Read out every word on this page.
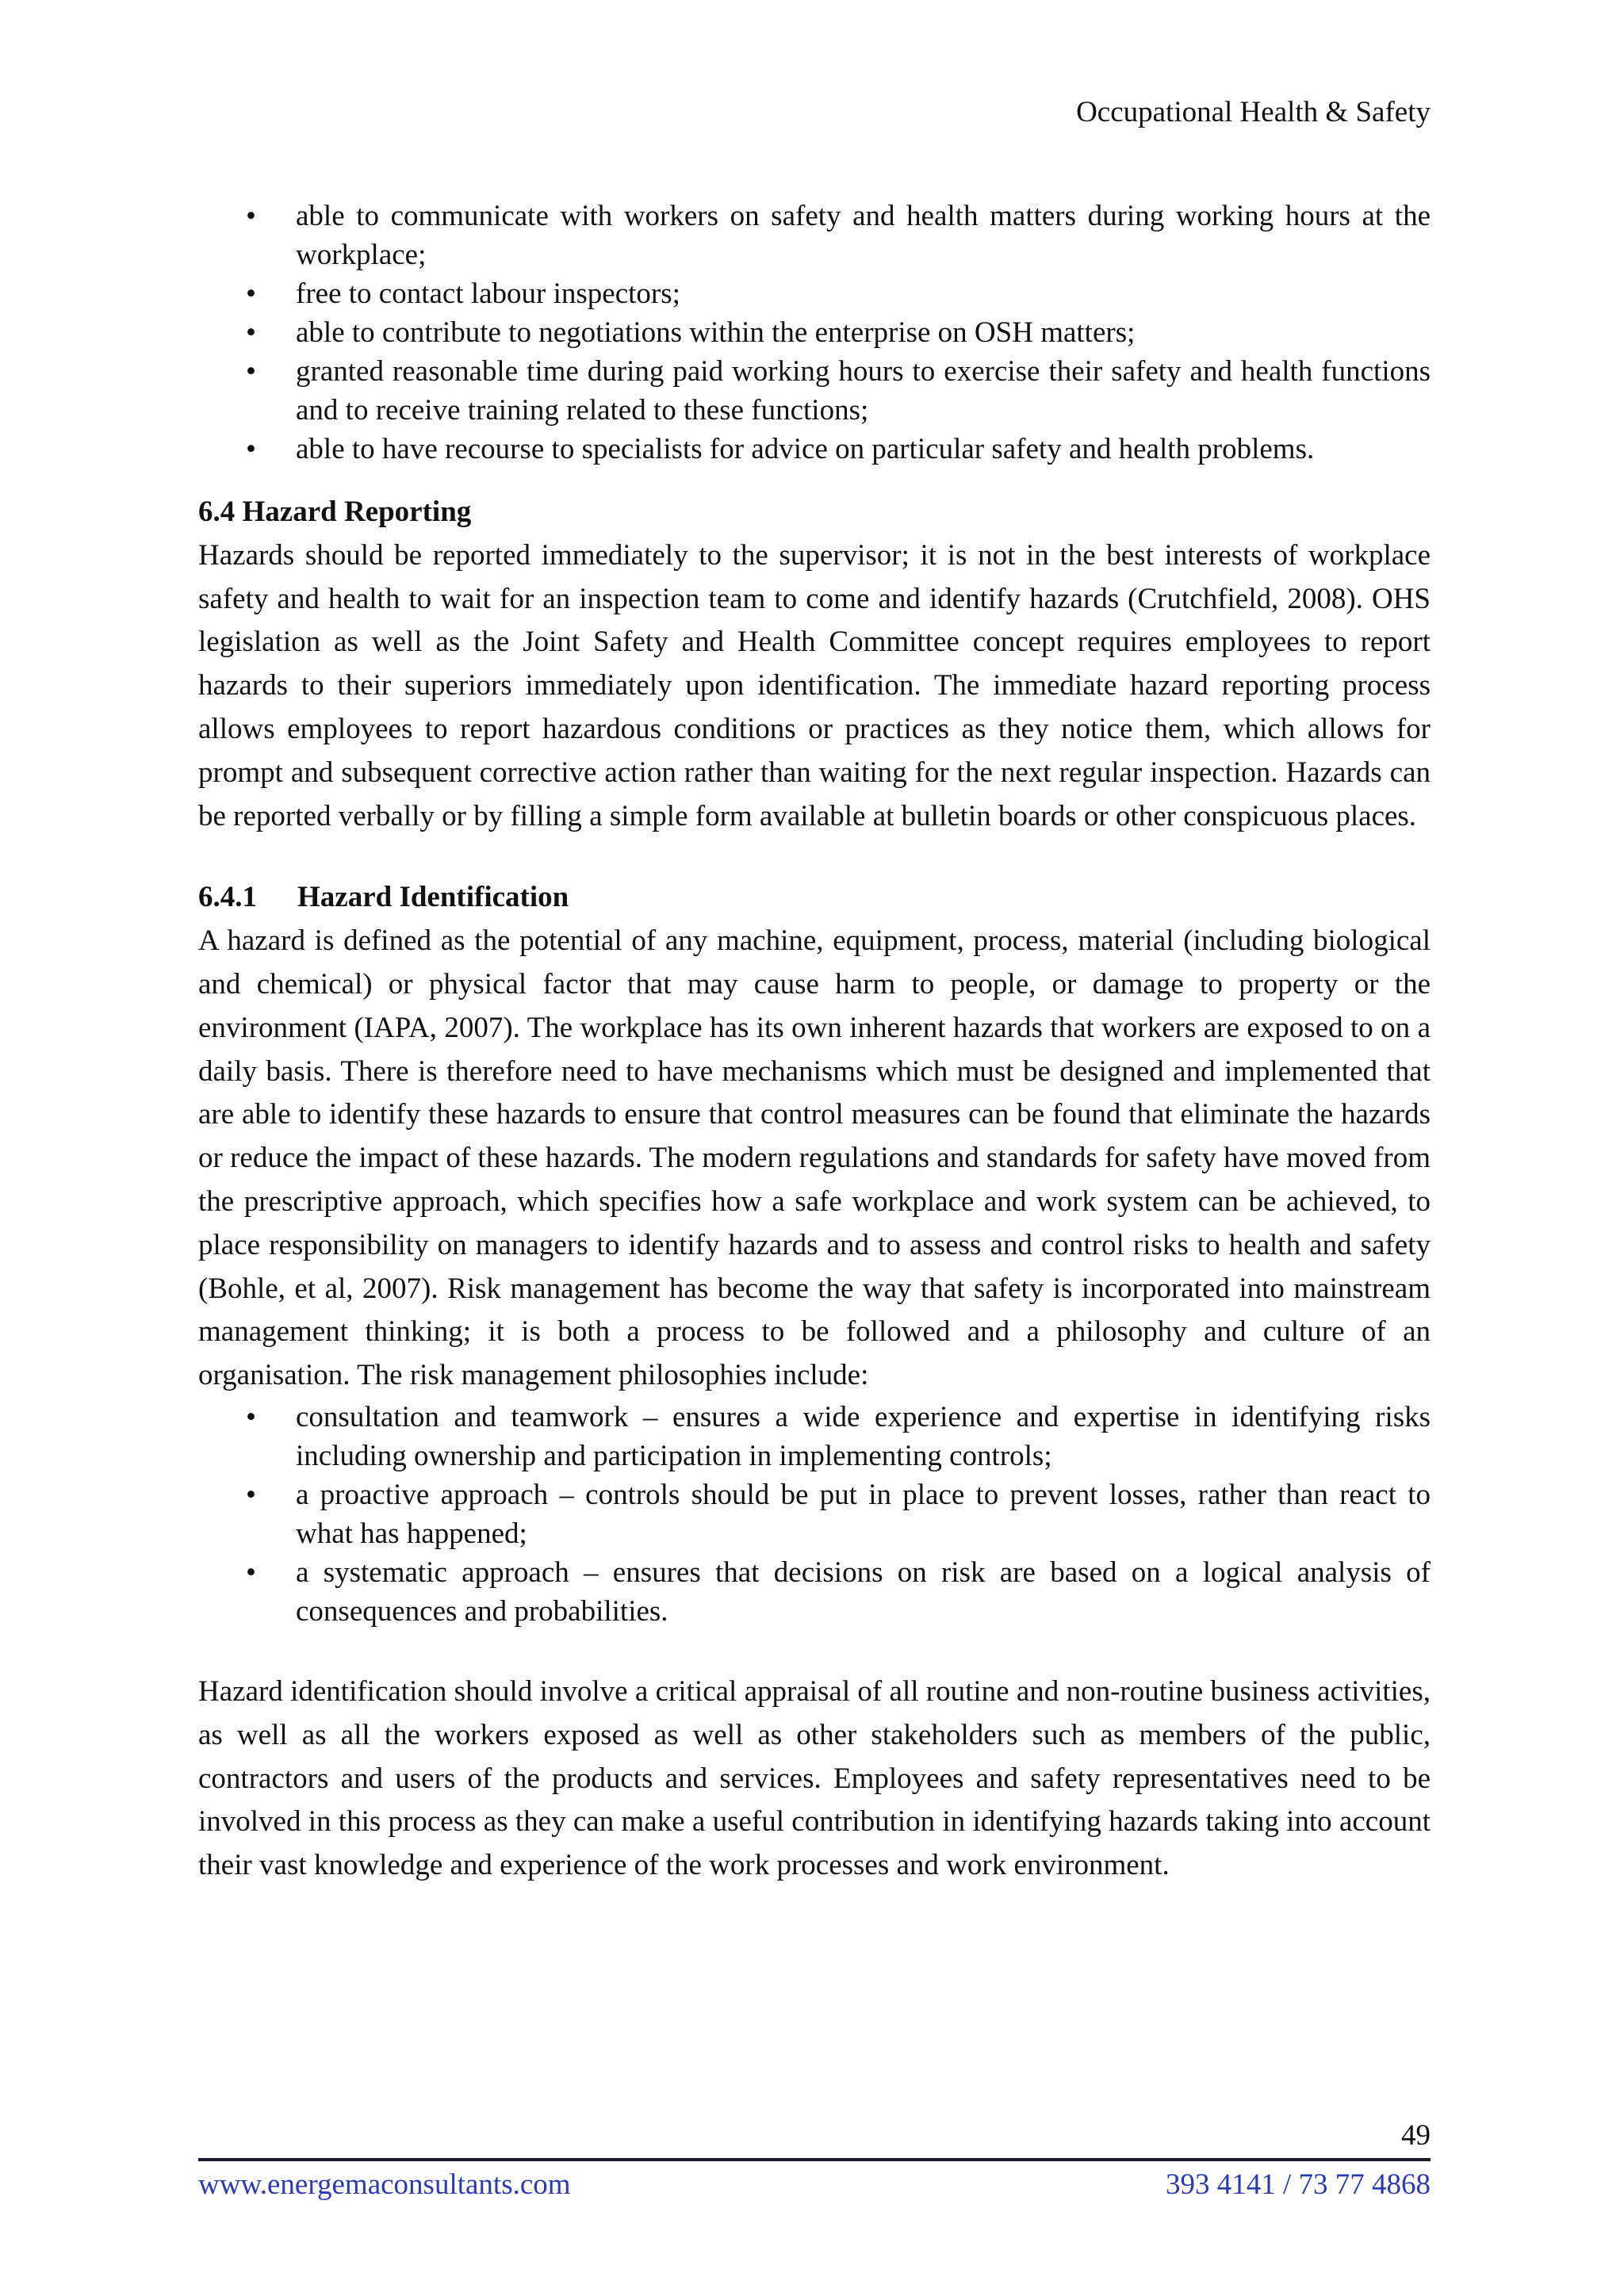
Occupational Health & Safety
• able to communicate with workers on safety and health matters during working hours at the workplace;
• free to contact labour inspectors;
• able to contribute to negotiations within the enterprise on OSH matters;
• granted reasonable time during paid working hours to exercise their safety and health functions and to receive training related to these functions;
• able to have recourse to specialists for advice on particular safety and health problems.
6.4 Hazard Reporting

Hazards should be reported immediately to the supervisor; it is not in the best interests of workplace safety and health to wait for an inspection team to come and identify hazards (Crutchfield, 2008). OHS legislation as well as the Joint Safety and Health Committee concept requires employees to report hazards to their superiors immediately upon identification. The immediate hazard reporting process allows employees to report hazardous conditions or practices as they notice them, which allows for prompt and subsequent corrective action rather than waiting for the next regular inspection. Hazards can be reported verbally or by filling a simple form available at bulletin boards or other conspicuous places.

6.4.1 Hazard Identification

A hazard is defined as the potential of any machine, equipment, process, material (including biological and chemical) or physical factor that may cause harm to people, or damage to property or the environment (IAPA, 2007). The workplace has its own inherent hazards that workers are exposed to on a daily basis. There is therefore need to have mechanisms which must be designed and implemented that are able to identify these hazards to ensure that control measures can be found that eliminate the hazards or reduce the impact of these hazards. The modern regulations and standards for safety have moved from the prescriptive approach, which specifies how a safe workplace and work system can be achieved, to place responsibility on managers to identify hazards and to assess and control risks to health and safety (Bohle, et al, 2007). Risk management has become the way that safety is incorporated into mainstream management thinking; it is both a process to be followed and a philosophy and culture of an organisation. The risk management philosophies include:

• consultation and teamwork – ensures a wide experience and expertise in identifying risks including ownership and participation in implementing controls;
• a proactive approach – controls should be put in place to prevent losses, rather than react to what has happened;
• a systematic approach – ensures that decisions on risk are based on a logical analysis of consequences and probabilities.

Hazard identification should involve a critical appraisal of all routine and non-routine business activities, as well as all the workers exposed as well as other stakeholders such as members of the public, contractors and users of the products and services. Employees and safety representatives need to be involved in this process as they can make a useful contribution in identifying hazards taking into account their vast knowledge and experience of the work processes and work environment.

49
www.energemaconsultants.com	393 4141 / 73 77 4868
